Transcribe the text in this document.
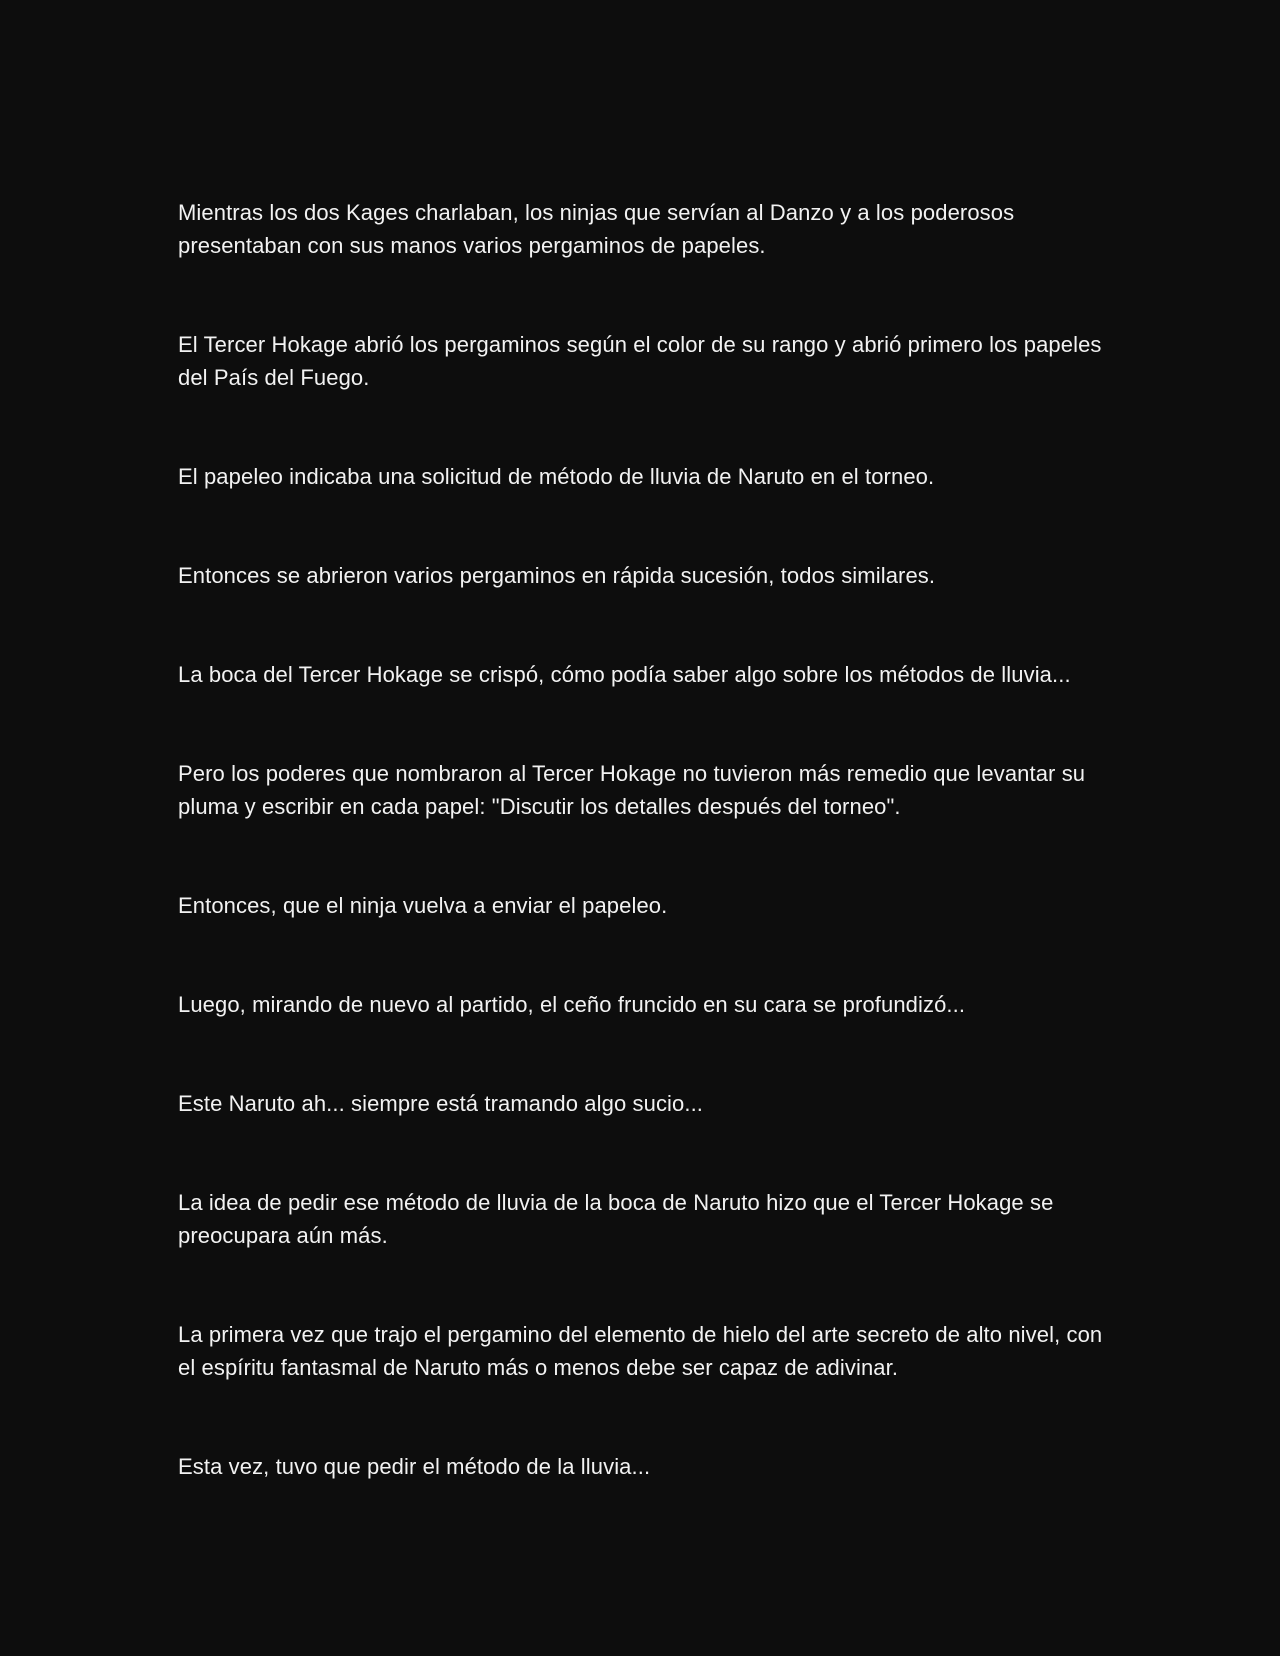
Mientras los dos Kages charlaban, los ninjas que servían al Danzo y a los poderosos presentaban con sus manos varios pergaminos de papeles.

El Tercer Hokage abrió los pergaminos según el color de su rango y abrió primero los papeles del País del Fuego.

El papeleo indicaba una solicitud de método de lluvia de Naruto en el torneo.

Entonces se abrieron varios pergaminos en rápida sucesión, todos similares.

La boca del Tercer Hokage se crispó, cómo podía saber algo sobre los métodos de lluvia...

Pero los poderes que nombraron al Tercer Hokage no tuvieron más remedio que levantar su pluma y escribir en cada papel: "Discutir los detalles después del torneo".

Entonces, que el ninja vuelva a enviar el papeleo.

Luego, mirando de nuevo al partido, el ceño fruncido en su cara se profundizó...

Este Naruto ah... siempre está tramando algo sucio...

La idea de pedir ese método de lluvia de la boca de Naruto hizo que el Tercer Hokage se preocupara aún más.

La primera vez que trajo el pergamino del elemento de hielo del arte secreto de alto nivel, con el espíritu fantasmal de Naruto más o menos debe ser capaz de adivinar.

Esta vez, tuvo que pedir el método de la lluvia...
